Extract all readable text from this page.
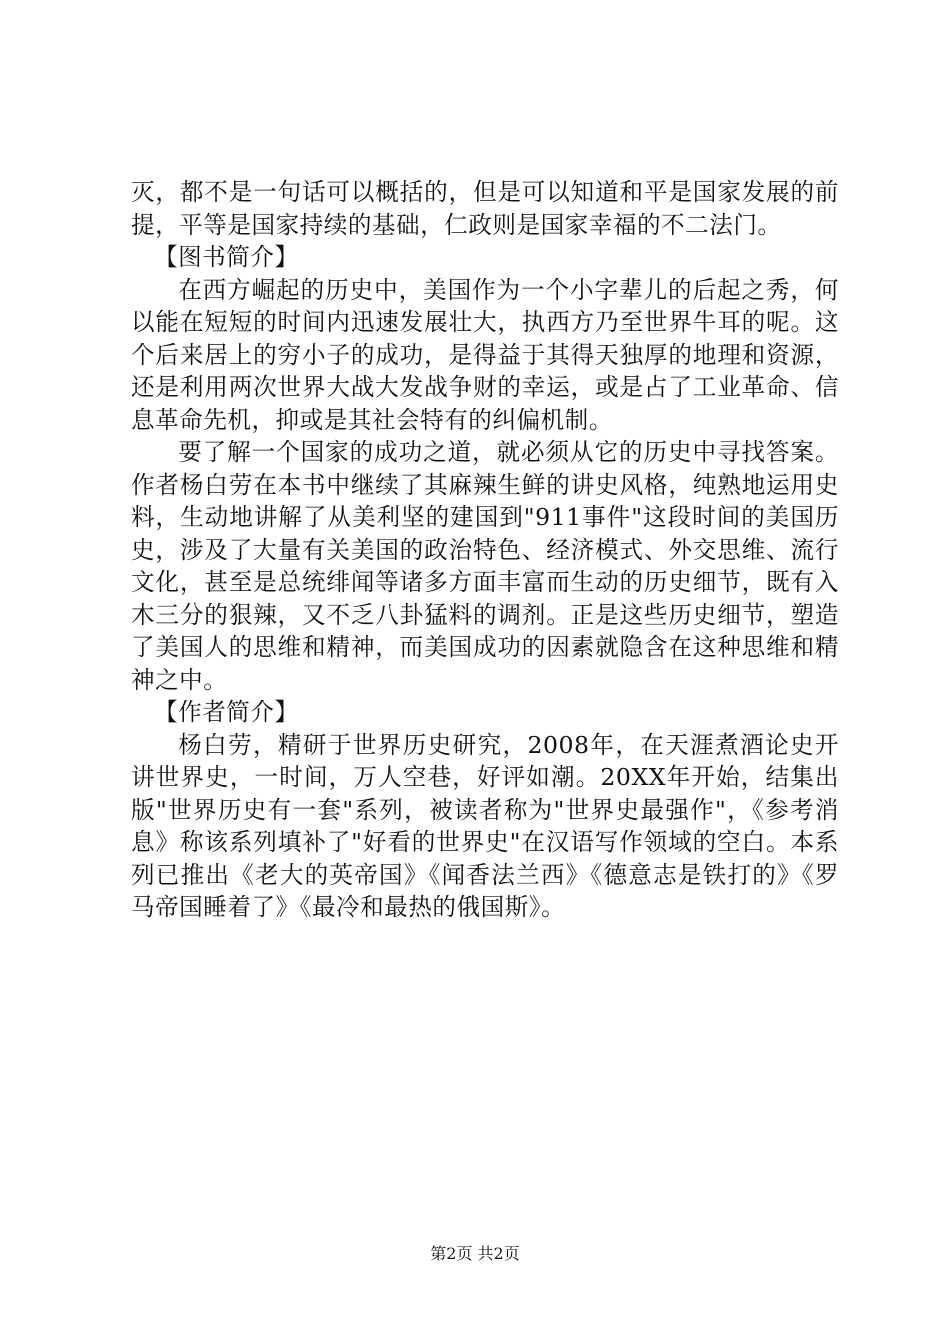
灭，都不是一句话可以概括的，但是可以知道和平是国家发展的前提，平等是国家持续的基础，仁政则是国家幸福的不二法门。

【图书简介】

在西方崛起的历史中，美国作为一个小字辈儿的后起之秀，何以能在短短的时间内迅速发展壮大，执西方乃至世界牛耳的呢。这个后来居上的穷小子的成功，是得益于其得天独厚的地理和资源，还是利用两次世界大战大发战争财的幸运，或是占了工业革命、信息革命先机，抑或是其社会特有的纠偏机制。

要了解一个国家的成功之道，就必须从它的历史中寻找答案。作者杨白劳在本书中继续了其麻辣生鲜的讲史风格，纯熟地运用史料，生动地讲解了从美利坚的建国到"911事件"这段时间的美国历史，涉及了大量有关美国的政治特色、经济模式、外交思维、流行文化，甚至是总统绯闻等诸多方面丰富而生动的历史细节，既有入木三分的狠辣，又不乏八卦猛料的调剂。正是这些历史细节，塑造了美国人的思维和精神，而美国成功的因素就隐含在这种思维和精神之中。

【作者简介】

杨白劳，精研于世界历史研究，2008年，在天涯煮酒论史开讲世界史，一时间，万人空巷，好评如潮。20XX年开始，结集出版"世界历史有一套"系列，被读者称为"世界史最强作"，《参考消息》称该系列填补了"好看的世界史"在汉语写作领域的空白。本系列已推出《老大的英帝国》《闻香法兰西》《德意志是铁打的》《罗马帝国睡着了》《最冷和最热的俄国斯》。

第2页 共2页
